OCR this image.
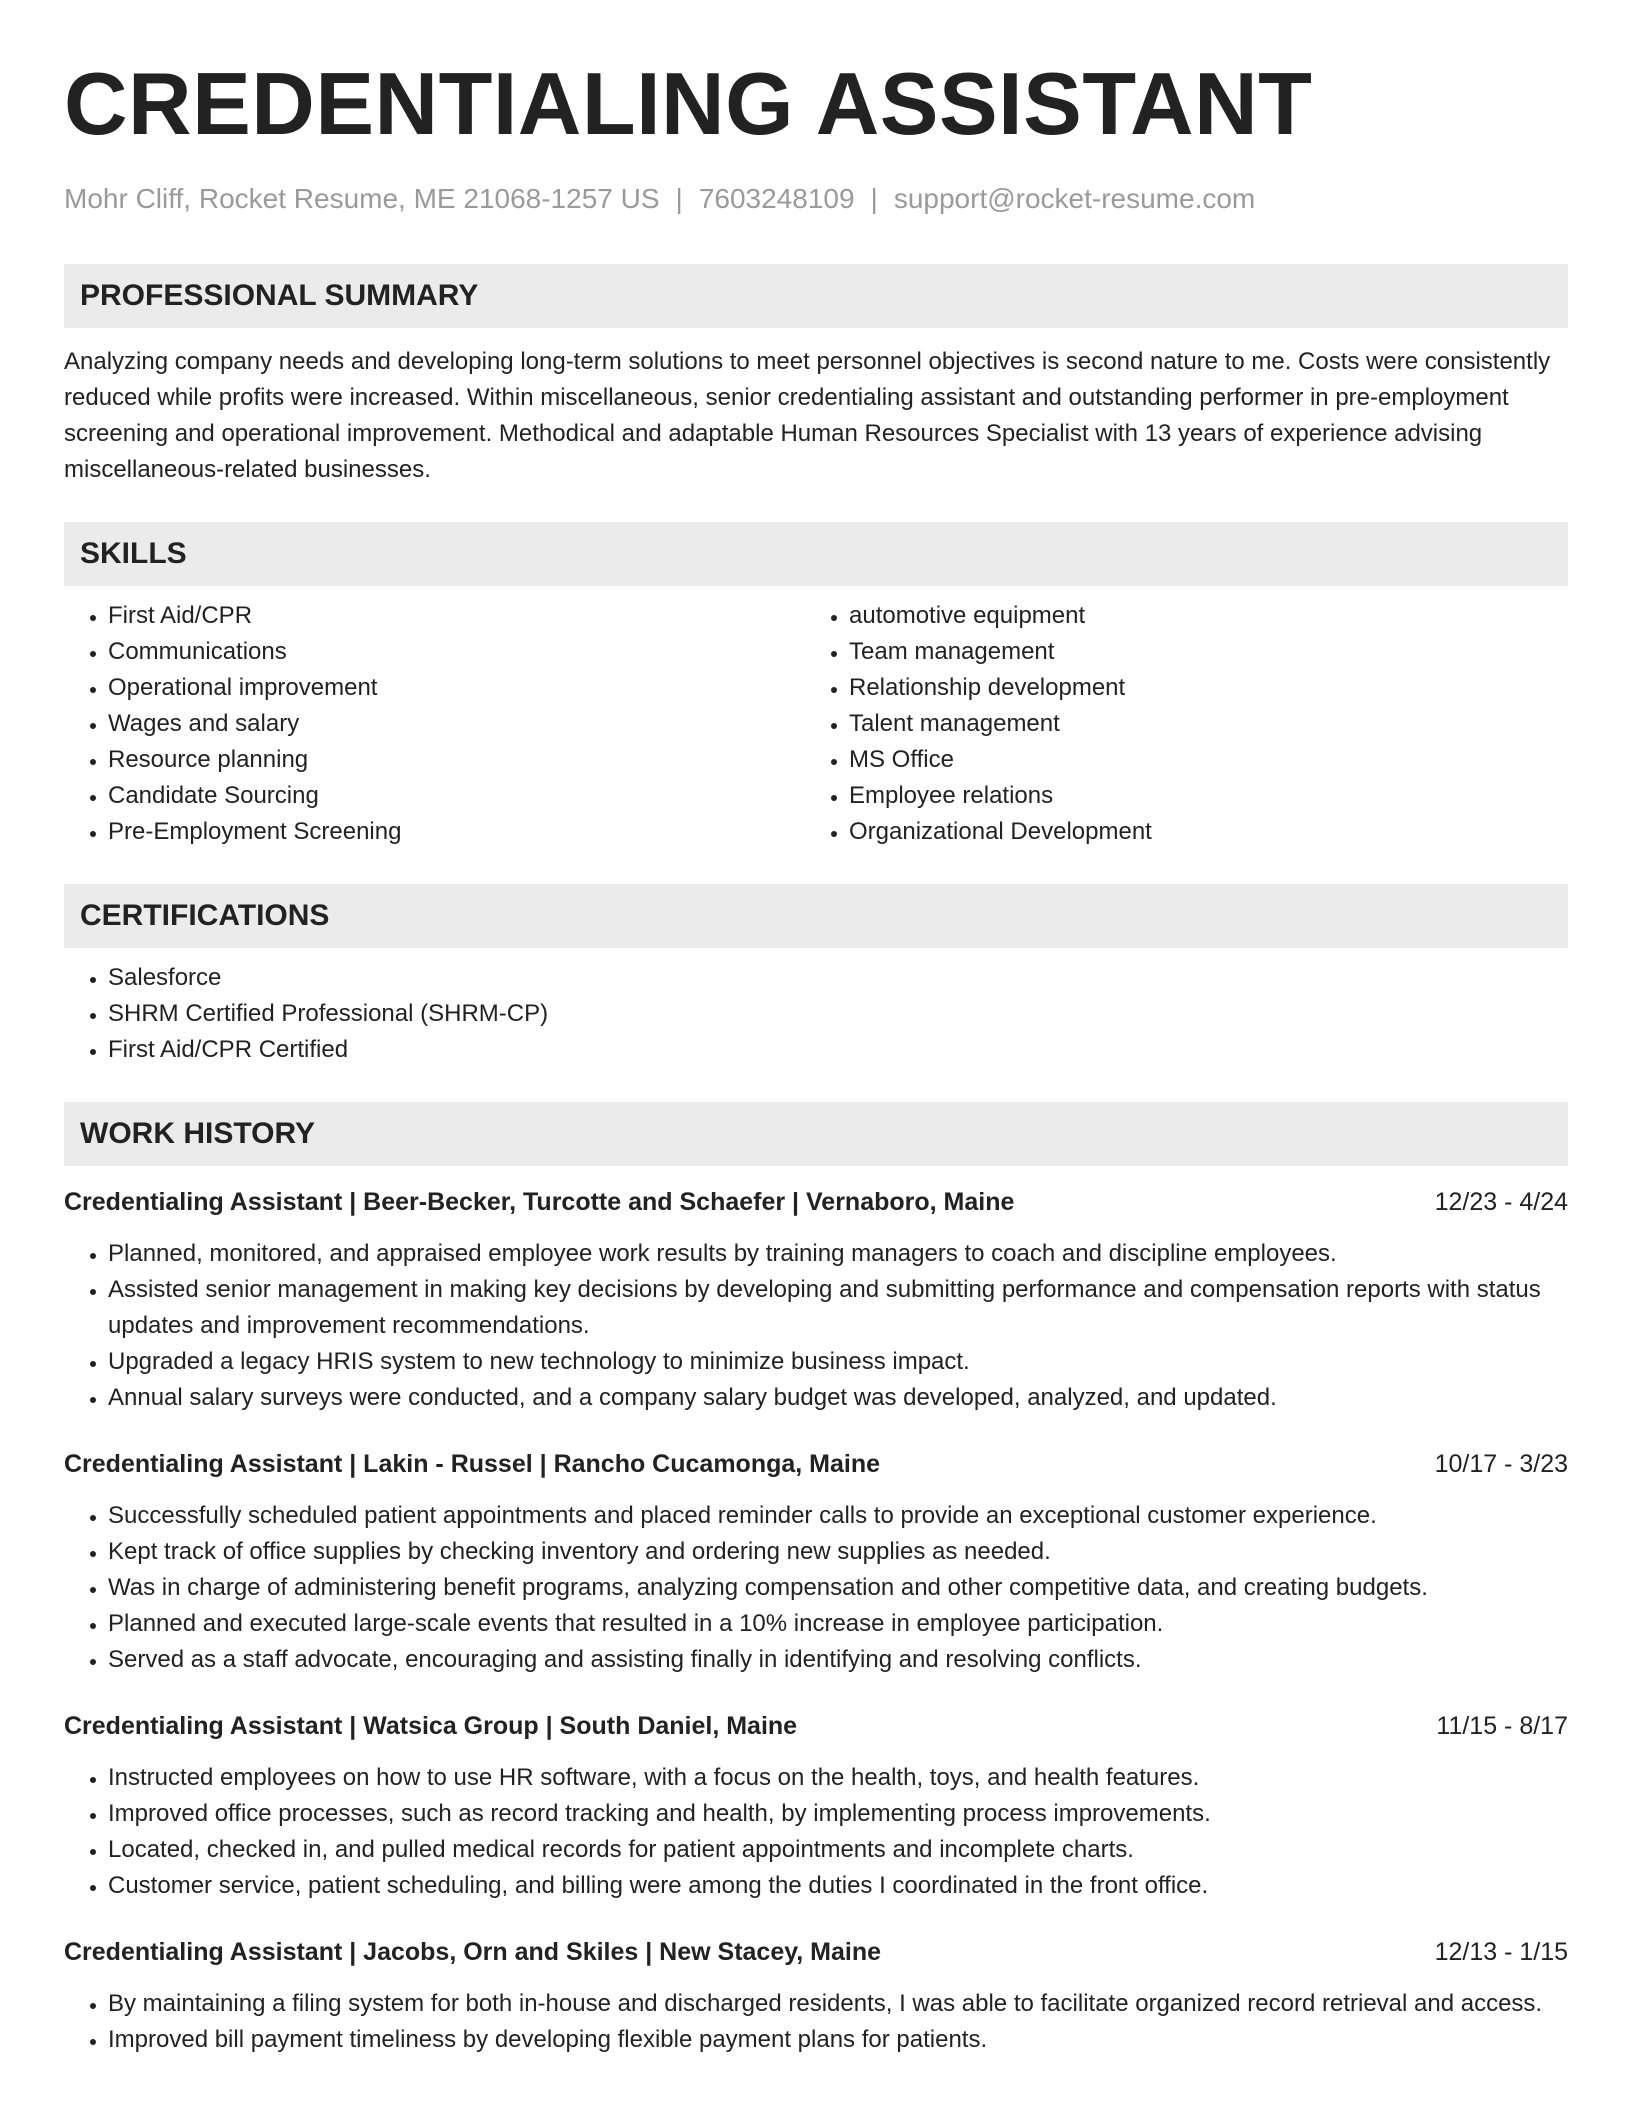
CREDENTIALING ASSISTANT
Mohr Cliff, Rocket Resume, ME 21068-1257 US | 7603248109 | support@rocket-resume.com
PROFESSIONAL SUMMARY

Analyzing company needs and developing long-term solutions to meet personnel objectives is second nature to me. Costs were consistently reduced while profits were increased. Within miscellaneous, senior credentialing assistant and outstanding performer in pre-employment screening and operational improvement. Methodical and adaptable Human Resources Specialist with 13 years of experience advising miscellaneous-related businesses.

SKILLS
• First Aid/CPR
• Communications
• Operational improvement
• Wages and salary
• Resource planning
• Candidate Sourcing
• Pre-Employment Screening
• automotive equipment
• Team management
• Relationship development
• Talent management
• MS Office
• Employee relations
• Organizational Development
CERTIFICATIONS
• Salesforce
• SHRM Certified Professional (SHRM-CP)
• First Aid/CPR Certified
WORK HISTORY
Credentialing Assistant | Beer-Becker, Turcotte and Schaefer | Vernaboro, Maine	12/23 - 4/24
• Planned, monitored, and appraised employee work results by training managers to coach and discipline employees.
• Assisted senior management in making key decisions by developing and submitting performance and compensation reports with status updates and improvement recommendations.
• Upgraded a legacy HRIS system to new technology to minimize business impact.
• Annual salary surveys were conducted, and a company salary budget was developed, analyzed, and updated.
Credentialing Assistant | Lakin - Russel | Rancho Cucamonga, Maine	10/17 - 3/23
• Successfully scheduled patient appointments and placed reminder calls to provide an exceptional customer experience.
• Kept track of office supplies by checking inventory and ordering new supplies as needed.
• Was in charge of administering benefit programs, analyzing compensation and other competitive data, and creating budgets.
• Planned and executed large-scale events that resulted in a 10% increase in employee participation.
• Served as a staff advocate, encouraging and assisting finally in identifying and resolving conflicts.
Credentialing Assistant | Watsica Group | South Daniel, Maine	11/15 - 8/17
• Instructed employees on how to use HR software, with a focus on the health, toys, and health features.
• Improved office processes, such as record tracking and health, by implementing process improvements.
• Located, checked in, and pulled medical records for patient appointments and incomplete charts.
• Customer service, patient scheduling, and billing were among the duties I coordinated in the front office.
Credentialing Assistant | Jacobs, Orn and Skiles | New Stacey, Maine	12/13 - 1/15
• By maintaining a filing system for both in-house and discharged residents, I was able to facilitate organized record retrieval and access.
• Improved bill payment timeliness by developing flexible payment plans for patients.
